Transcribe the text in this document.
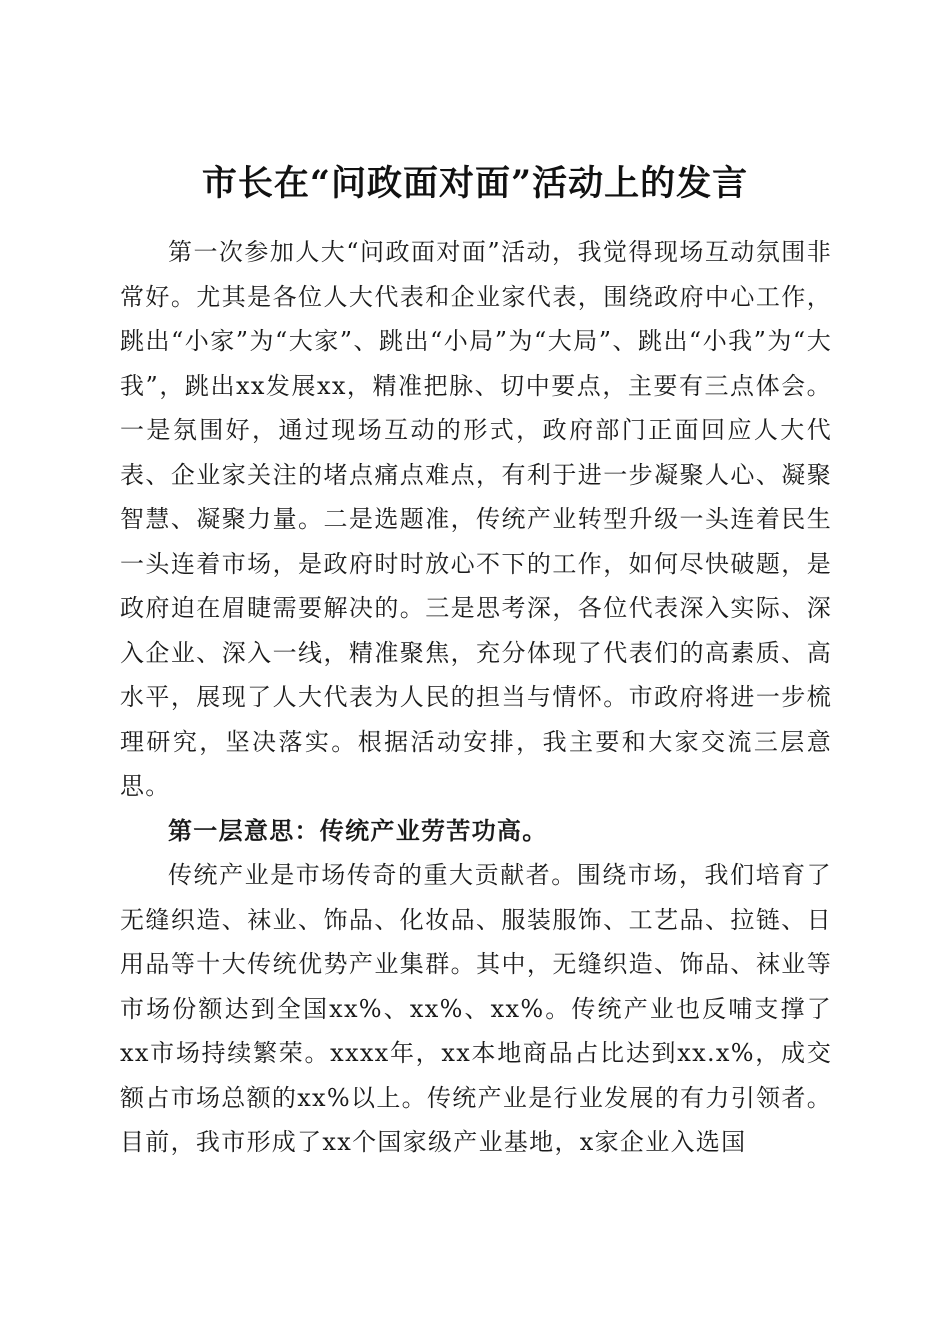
市长在“问政面对面”活动上的发言

第一次参加人大“问政面对面”活动，我觉得现场互动氛围非常好。尤其是各位人大代表和企业家代表，围绕政府中心工作，跳出“小家”为“大家”、跳出“小局”为“大局”、跳出“小我”为“大我”，跳出xx发展xx，精准把脉、切中要点，主要有三点体会。一是氛围好，通过现场互动的形式，政府部门正面回应人大代表、企业家关注的堵点痛点难点，有利于进一步凝聚人心、凝聚智慧、凝聚力量。二是选题准，传统产业转型升级一头连着民生一头连着市场，是政府时时放心不下的工作，如何尽快破题，是政府迫在眉睫需要解决的。三是思考深，各位代表深入实际、深入企业、深入一线，精准聚焦，充分体现了代表们的高素质、高水平，展现了人大代表为人民的担当与情怀。市政府将进一步梳理研究，坚决落实。根据活动安排，我主要和大家交流三层意思。

第一层意思：传统产业劳苦功高。

传统产业是市场传奇的重大贡献者。围绕市场，我们培育了无缝织造、袜业、饰品、化妆品、服装服饰、工艺品、拉链、日用品等十大传统优势产业集群。其中，无缝织造、饰品、袜业等市场份额达到全国xx%、xx%、xx%。传统产业也反哺支撑了xx市场持续繁荣。xxxx年，xx本地商品占比达到xx.x%，成交额占市场总额的xx%以上。传统产业是行业发展的有力引领者。目前，我市形成了xx个国家级产业基地，x家企业入选国
